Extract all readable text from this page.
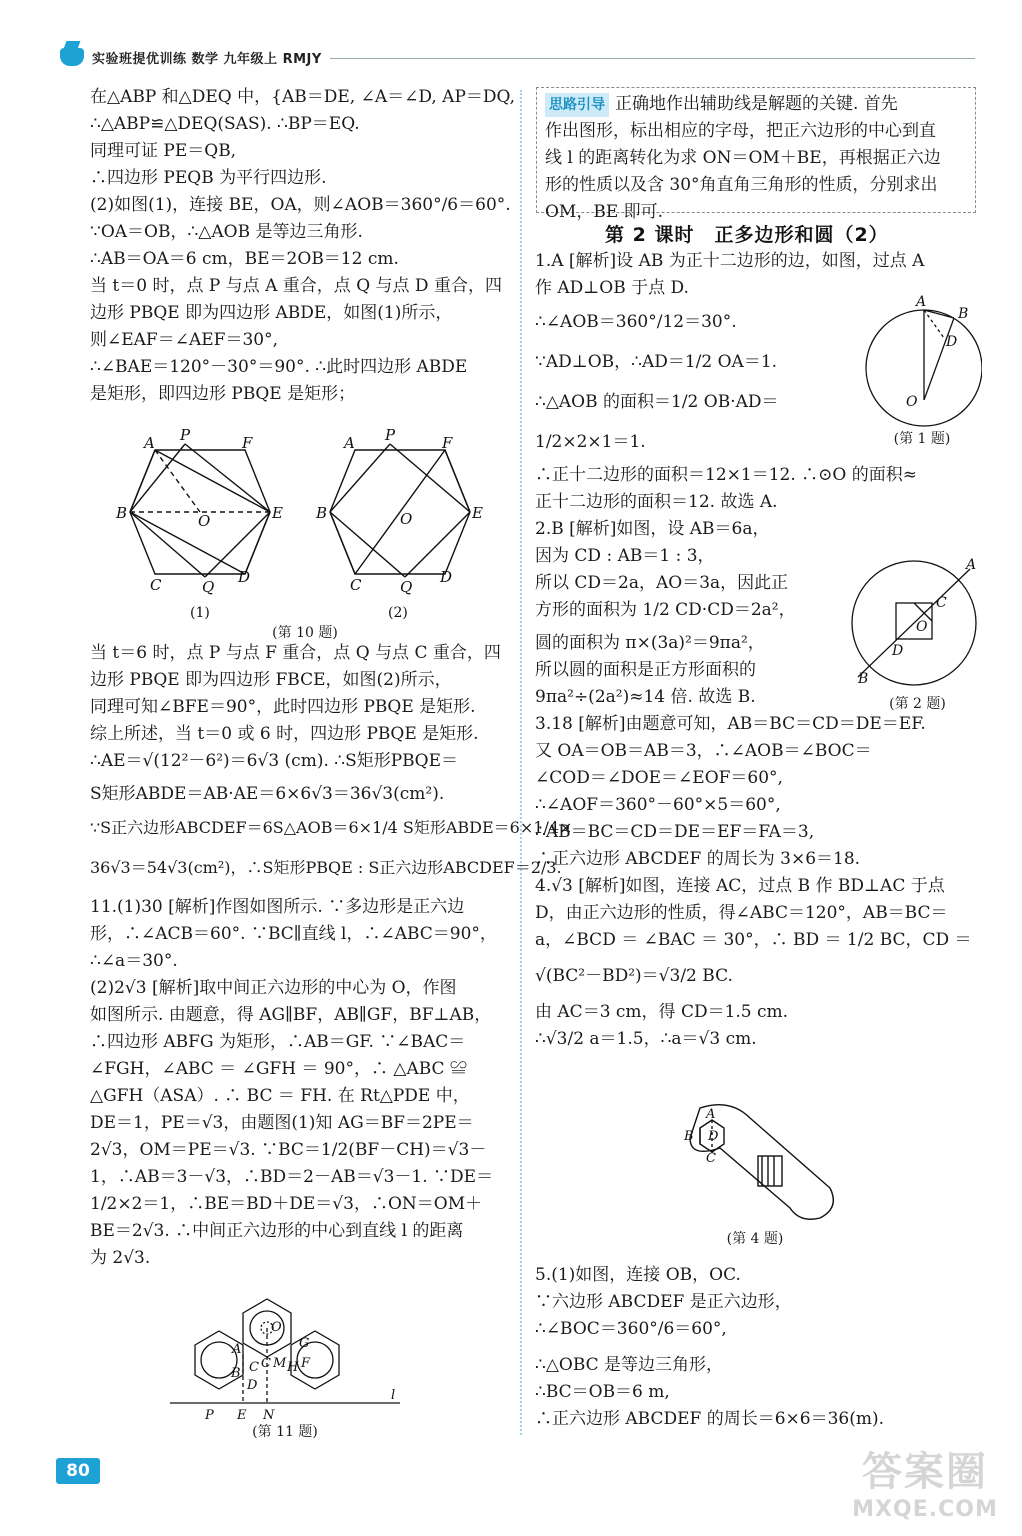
实验班提优训练 数学 九年级上 RMJY
在△ABP 和△DEQ 中，{AB＝DE, ∠A＝∠D, AP＝DQ,
∴△ABP≌△DEQ(SAS). ∴BP＝EQ.
同理可证 PE＝QB,
∴四边形 PEQB 为平行四边形.
(2)如图(1)，连接 BE，OA，则∠AOB＝360°/6＝60°.
∵OA＝OB，∴△AOB 是等边三角形.
∴AB＝OA＝6 cm，BE＝2OB＝12 cm.
当 t＝0 时，点 P 与点 A 重合，点 Q 与点 D 重合，四
边形 PBQE 即为四边形 ABDE，如图(1)所示，
则∠EAF＝∠AEF＝30°,
∴∠BAE＝120°－30°＝90°. ∴此时四边形 ABDE
是矩形，即四边形 PBQE 是矩形；
A P	F
B	O	E
C	Q
D
A P	F
B	O	E
C	Q
D
(1)	(2)
(第 10 题)
当 t＝6 时，点 P 与点 F 重合，点 Q 与点 C 重合，四
边形 PBQE 即为四边形 FBCE，如图(2)所示，
同理可知∠BFE＝90°，此时四边形 PBQE 是矩形.
综上所述，当 t＝0 或 6 时，四边形 PBQE 是矩形.
∴AE＝√(12²－6²)＝6√3 (cm). ∴S矩形PBQE＝
S矩形ABDE＝AB·AE＝6×6√3＝36√3(cm²).
∵S正六边形ABCDEF＝6S△AOB＝6×1/4 S矩形ABDE＝6×1/4×
36√3＝54√3(cm²)，∴S矩形PBQE : S正六边形ABCDEF＝2/3.
11.(1)30 [解析]作图如图所示. ∵多边形是正六边
形，∴∠ACB＝60°. ∵BC∥直线 l，∴∠ABC＝90°，
∴∠a＝30°.
(2)2√3 [解析]取中间正六边形的中心为 O，作图
如图所示. 由题意，得 AG∥BF，AB∥GF，BF⊥AB，
∴四边形 ABFG 为矩形，∴AB＝GF. ∵∠BAC＝
∠FGH，∠ABC ＝ ∠GFH ＝ 90°，∴ △ABC ≌
△GFH（ASA）. ∴ BC ＝ FH. 在 Rt△PDE 中，
DE＝1，PE＝√3，由题图(1)知 AG＝BF＝2PE＝
2√3，OM＝PE＝√3. ∵BC＝1/2(BF－CH)＝√3－
1，∴AB＝3－√3，∴BD＝2－AB＝√3－1. ∵DE＝
1/2×2＝1，∴BE＝BD＋DE＝√3，∴ON＝OM＋
BE＝2√3. ∴中间正六边形的中心到直线 l 的距离
为 2√3.
O
A	G
C C M H F
B
D
P E N
l
(第 11 题)
思路引导 正确地作出辅助线是解题的关键. 首先
作出图形，标出相应的字母，把正六边形的中心到直
线 l 的距离转化为求 ON＝OM＋BE，再根据正六边
形的性质以及含 30°角直角三角形的性质，分别求出
OM，BE 即可.
第 2 课时　正多边形和圆（2）
1.A [解析]设 AB 为正十二边形的边，如图，过点 A
作 AD⊥OB 于点 D.
∴∠AOB＝360°/12＝30°.
∵AD⊥OB，∴AD＝1/2 OA＝1.
∴△AOB 的面积＝1/2 OB·AD＝
1/2×2×1＝1.
∴正十二边形的面积＝12×1＝12. ∴⊙O 的面积≈
正十二边形的面积＝12. 故选 A.
2.B [解析]如图，设 AB＝6a，
因为 CD : AB＝1 : 3，
所以 CD＝2a，AO＝3a，因此正
方形的面积为 1/2 CD·CD＝2a²，
圆的面积为 π×(3a)²＝9πa²，
所以圆的面积是正方形面积的
9πa²÷(2a²)≈14 倍. 故选 B.
3.18 [解析]由题意可知，AB＝BC＝CD＝DE＝EF.
又 OA＝OB＝AB＝3，∴∠AOB＝∠BOC＝
∠COD＝∠DOE＝∠EOF＝60°,
∴∠AOF＝360°－60°×5＝60°,
∴AB＝BC＝CD＝DE＝EF＝FA＝3,
∴正六边形 ABCDEF 的周长为 3×6＝18.
4.√3 [解析]如图，连接 AC，过点 B 作 BD⊥AC 于点
D，由正六边形的性质，得∠ABC＝120°，AB＝BC＝
a，∠BCD ＝ ∠BAC ＝ 30°，∴ BD ＝ 1/2 BC，CD ＝
√(BC²－BD²)＝√3/2 BC.
由 AC＝3 cm，得 CD＝1.5 cm.
∴√3/2 a＝1.5，∴a＝√3 cm.
A
B
D
O
(第 1 题)
A
C
O
D
B
(第 2 题)
A
B D
C
(第 4 题)
5.(1)如图，连接 OB，OC.
∵六边形 ABCDEF 是正六边形，
∴∠BOC＝360°/6＝60°,
∴△OBC 是等边三角形，
∴BC＝OB＝6 m,
∴正六边形 ABCDEF 的周长＝6×6＝36(m).
80	答案圈
MXQE.COM
